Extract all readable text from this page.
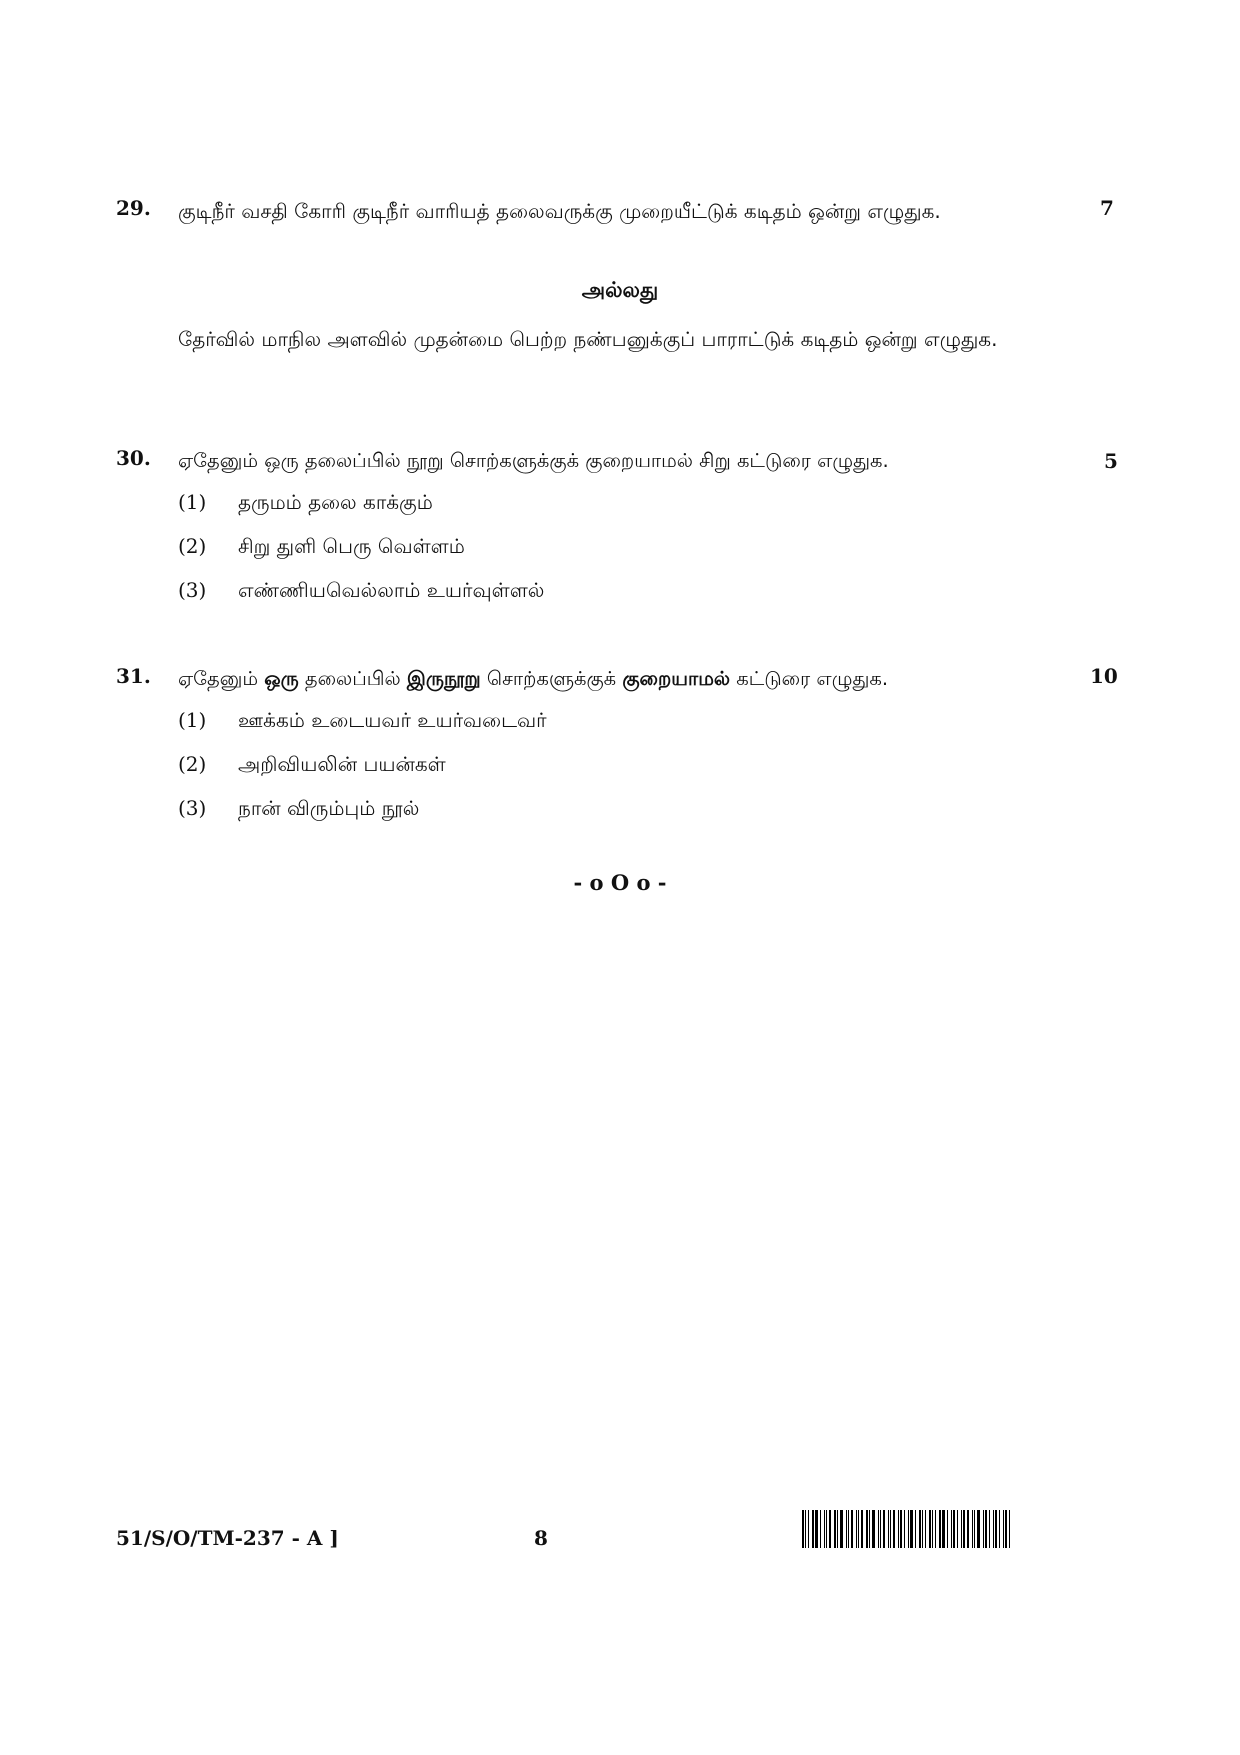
29. குடிநீர் வசதி கோரி குடிநீர் வாரியத் தலைவருக்கு முறையீட்டுக் கடிதம் ஒன்று எழுதுக.	7
அல்லது
தேர்வில் மாநில அளவில் முதன்மை பெற்ற நண்பனுக்குப் பாராட்டுக் கடிதம் ஒன்று எழுதுக.
30. ஏதேனும் ஒரு தலைப்பில் நூறு சொற்களுக்குக் குறையாமல் சிறு கட்டுரை எழுதுக.	5
(1) தருமம் தலை காக்கும்
(2) சிறு துளி பெரு வெள்ளம்
(3) எண்ணியவெல்லாம் உயர்வுள்ளல்
31. ஏதேனும் ஒரு தலைப்பில் இருநூறு சொற்களுக்குக் குறையாமல் கட்டுரை எழுதுக.	10
(1) ஊக்கம் உடையவர் உயர்வடைவர்
(2) அறிவியலின் பயன்கள்
(3) நான் விரும்பும் நூல்
- o O o -
51/S/O/TM-237 - A ]	8
